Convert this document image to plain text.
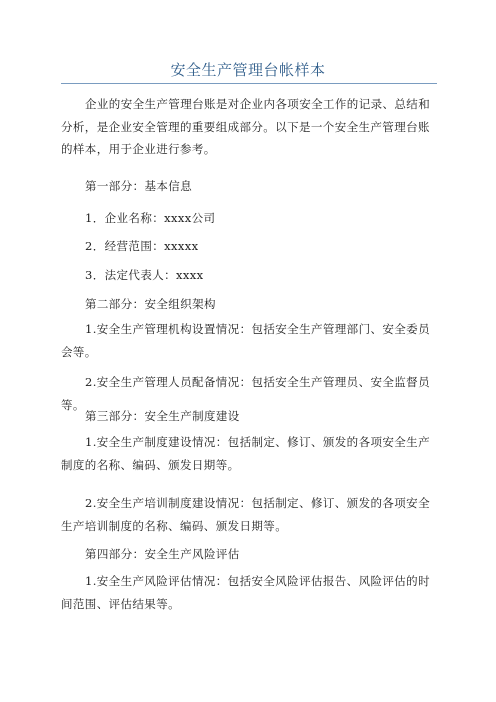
安全生产管理台帐样本

企业的安全生产管理台账是对企业内各项安全工作的记录、总结和分析，是企业安全管理的重要组成部分。以下是一个安全生产管理台账的样本，用于企业进行参考。

第一部分：基本信息

1．企业名称：xxxx公司

2．经营范围：xxxxx

3．法定代表人：xxxx

第二部分：安全组织架构

1.安全生产管理机构设置情况：包括安全生产管理部门、安全委员会等。

2.安全生产管理人员配备情况：包括安全生产管理员、安全监督员等。

第三部分：安全生产制度建设

1.安全生产制度建设情况：包括制定、修订、颁发的各项安全生产制度的名称、编码、颁发日期等。

2.安全生产培训制度建设情况：包括制定、修订、颁发的各项安全生产培训制度的名称、编码、颁发日期等。

第四部分：安全生产风险评估

1.安全生产风险评估情况：包括安全风险评估报告、风险评估的时间范围、评估结果等。
